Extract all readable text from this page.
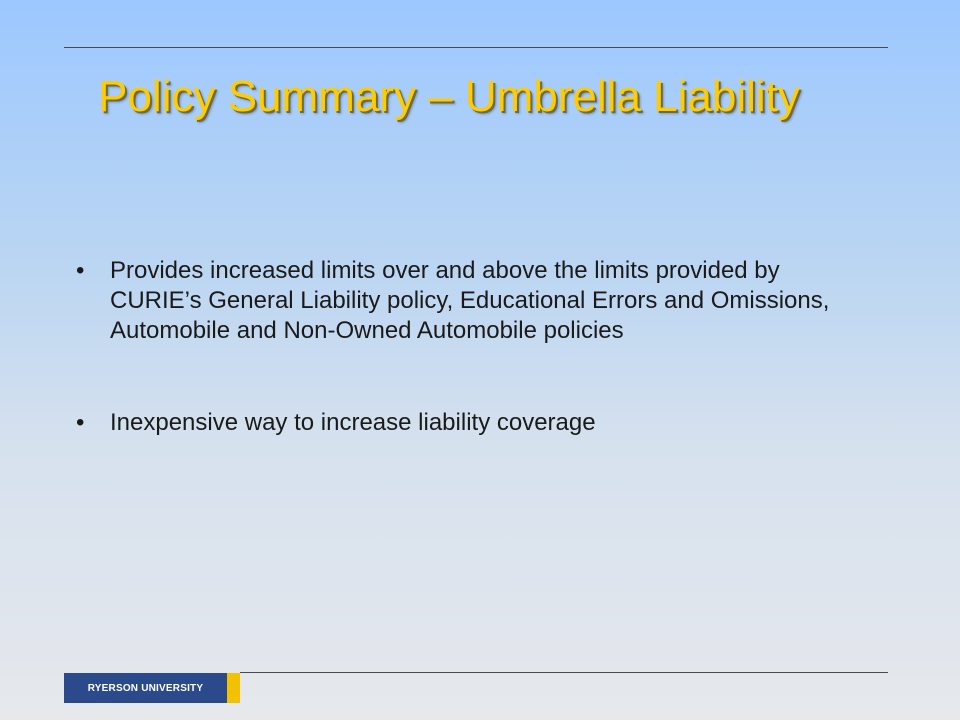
Policy Summary – Umbrella Liability
• Provides increased limits over and above the limits provided by CURIE’s General Liability policy, Educational Errors and Omissions, Automobile and Non-Owned Automobile policies
• Inexpensive way to increase liability coverage
RYERSON UNIVERSITY
